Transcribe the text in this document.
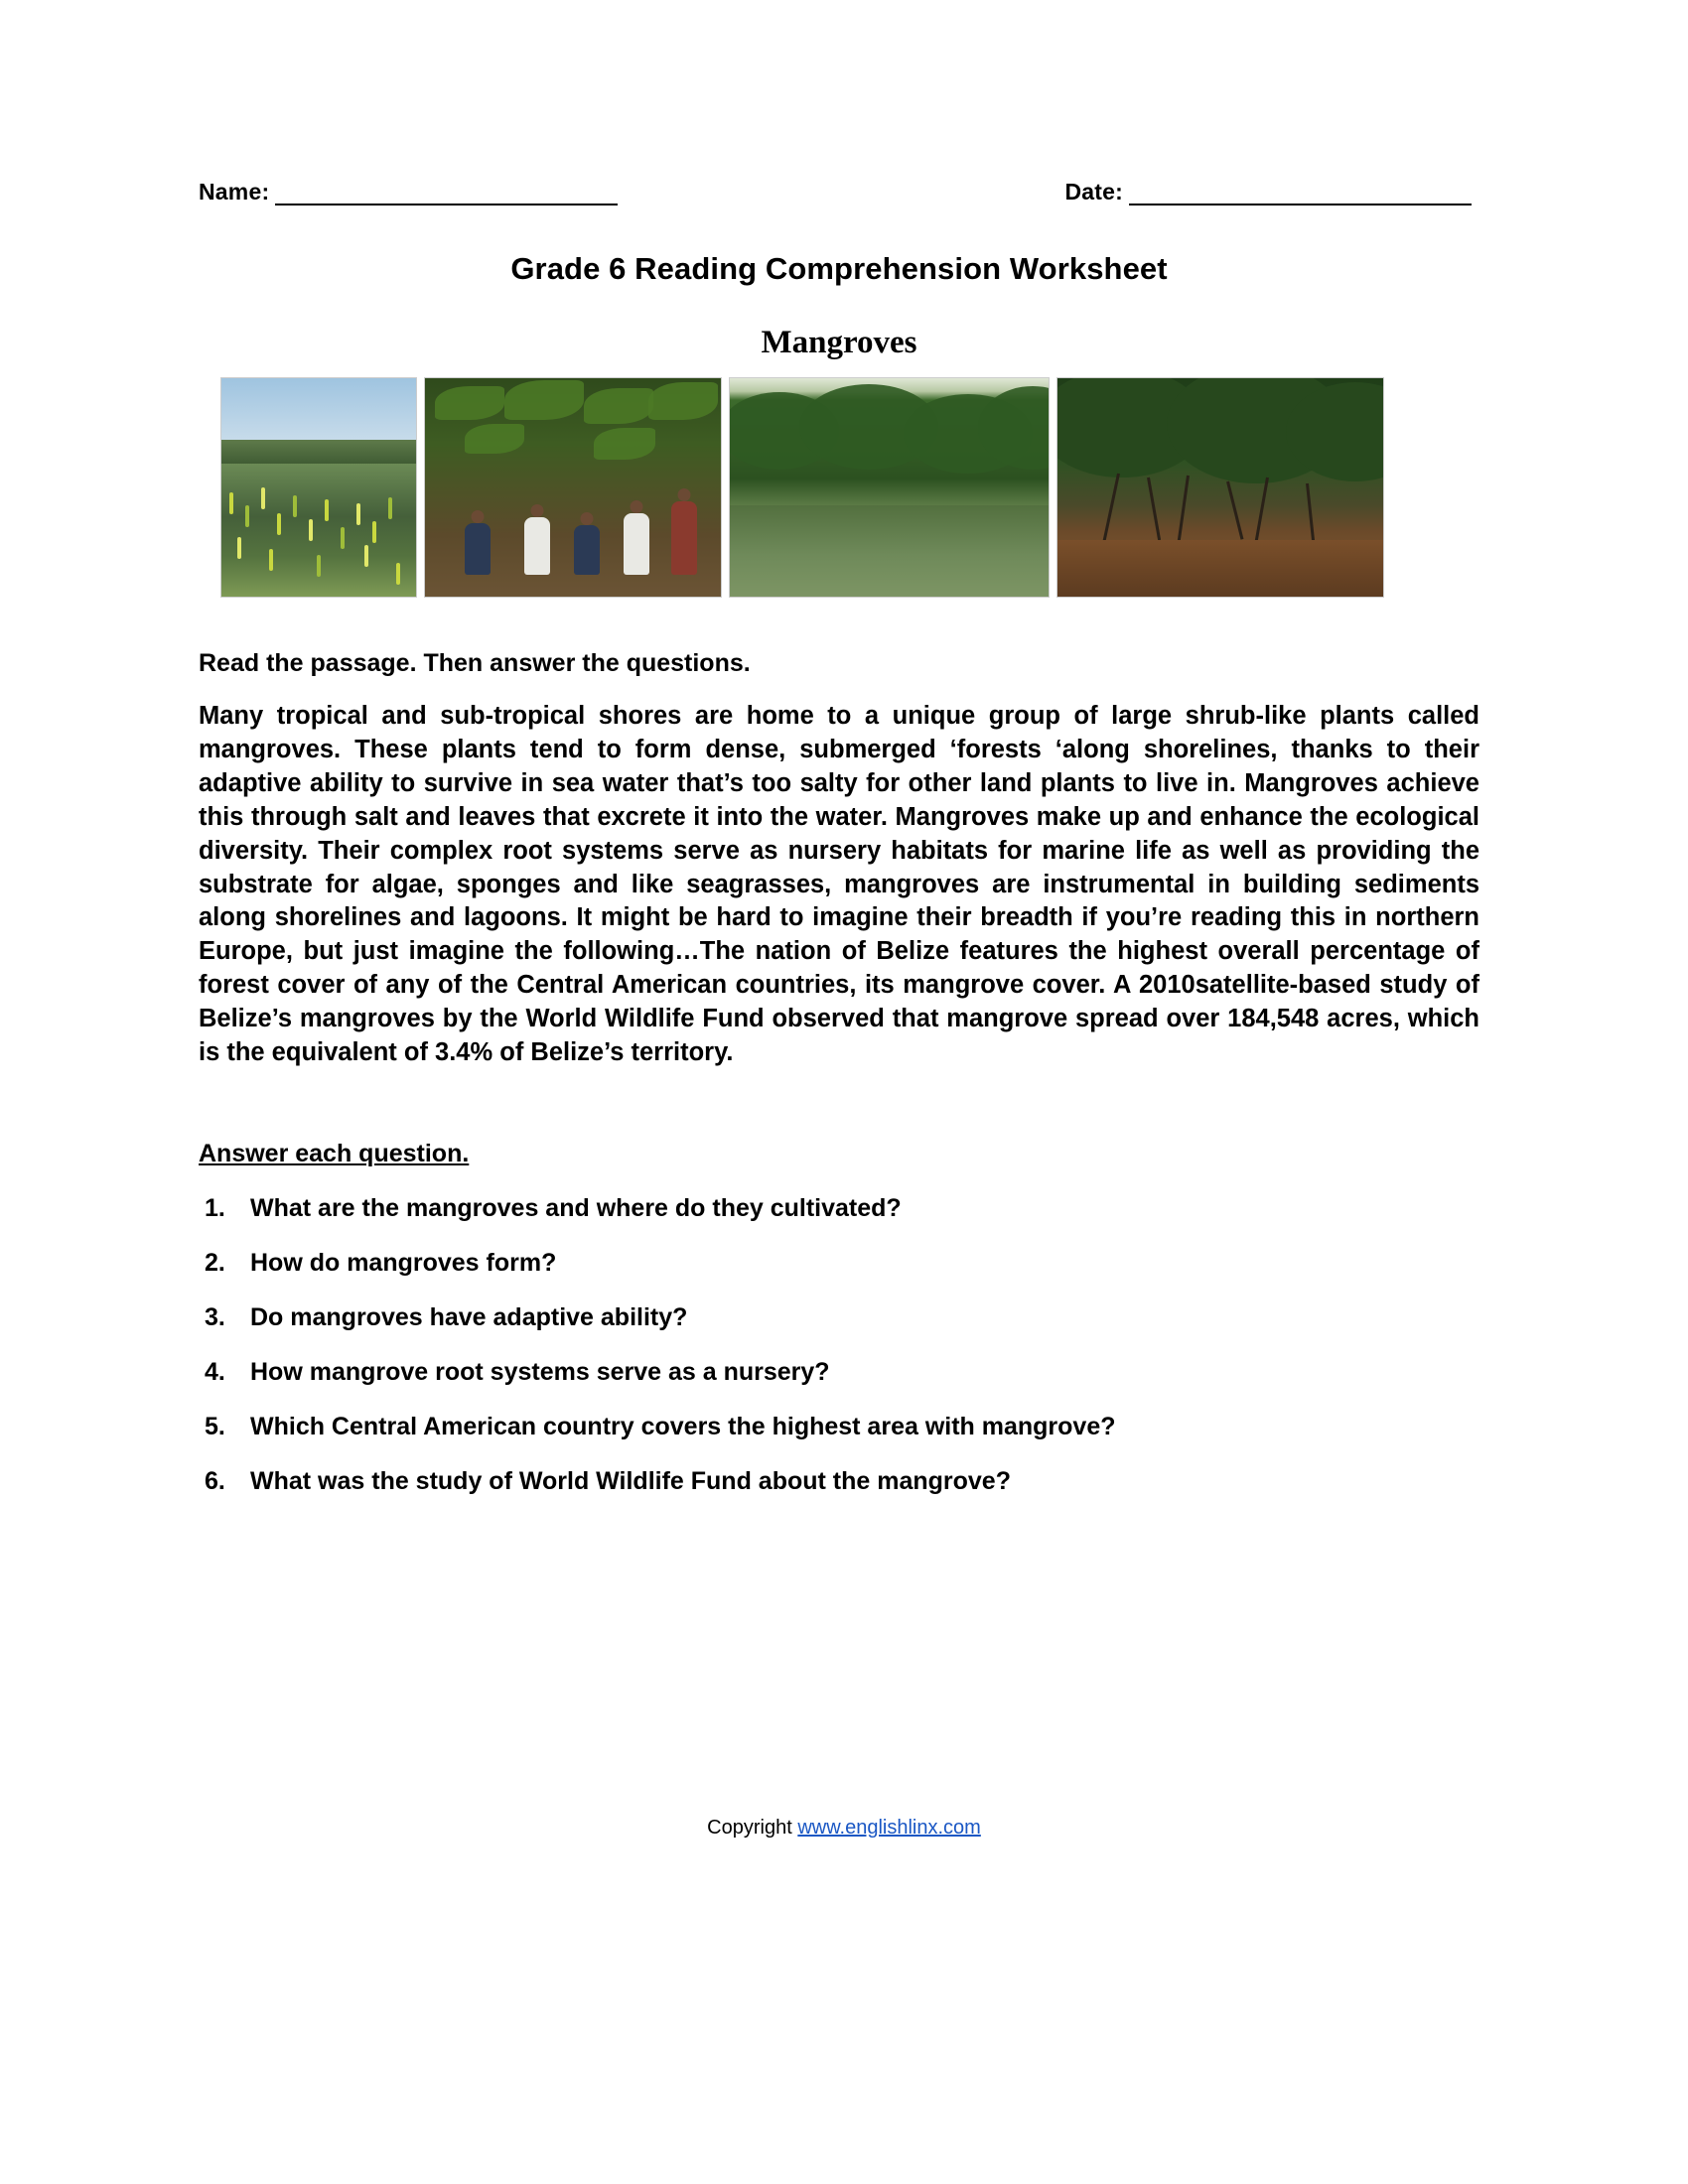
Name:	Date:
Grade 6 Reading Comprehension Worksheet
Mangroves
Read the passage. Then answer the questions.
Many tropical and sub-tropical shores are home to a unique group of large shrub-like plants called mangroves. These plants tend to form dense, submerged ‘forests ‘along shorelines, thanks to their adaptive ability to survive in sea water that’s too salty for other land plants to live in. Mangroves achieve this through salt and leaves that excrete it into the water. Mangroves make up and enhance the ecological diversity. Their complex root systems serve as nursery habitats for marine life as well as providing the substrate for algae, sponges and like seagrasses, mangroves are instrumental in building sediments along shorelines and lagoons. It might be hard to imagine their breadth if you’re reading this in northern Europe, but just imagine the following…The nation of Belize features the highest overall percentage of forest cover of any of the Central American countries, its mangrove cover. A 2010satellite-based study of Belize’s mangroves by the World Wildlife Fund observed that mangrove spread over 184,548 acres, which is the equivalent of 3.4% of Belize’s territory.
Answer each question.
1.	What are the mangroves and where do they cultivated?
2.	How do mangroves form?
3.	Do mangroves have adaptive ability?
4.	How mangrove root systems serve as a nursery?
5.	Which Central American country covers the highest area with mangrove?
6.	What was the study of World Wildlife Fund about the mangrove?
Copyright www.englishlinx.com
